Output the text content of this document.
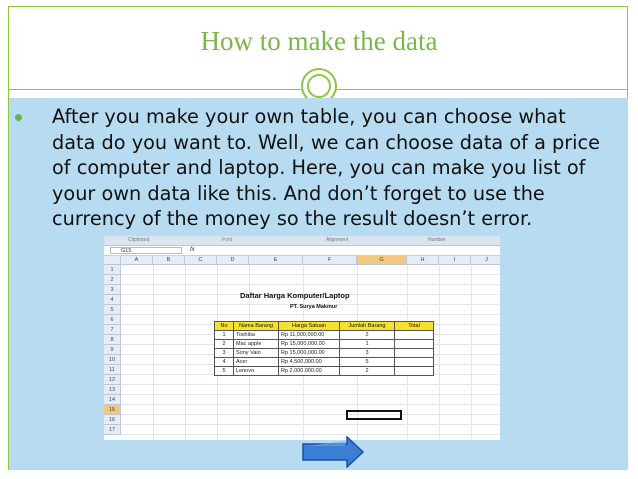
How to make the data
After you make your own table, you can choose what data do you want to. Well, we can choose data of a price of computer and laptop. Here, you can make you list of your own data like this. And don’t forget to use the currency of the money so the result doesn’t error.
Clipboard	Font	Alignment	Number
G15	fx
A	B	C	D	E	F	G	H	I	J
1
2
3
4
5
6
7
8
9
10
11
12
13
14
15
16
17
Daftar Harga Komputer/Laptop
PT. Surya Makmur
No	Nama Barang	Harga Satuan	Jumlah Barang	Total
1	Toshiba	Rp 11,000,000.00	2	
2	Mac apple	Rp 15,000,000.00	1	
3	Sony Vaio	Rp 15,000,000.00	3	
4	Acer	Rp 4,500,000.00	5	
5	Lenovo	Rp 2,000,000.00	2	
